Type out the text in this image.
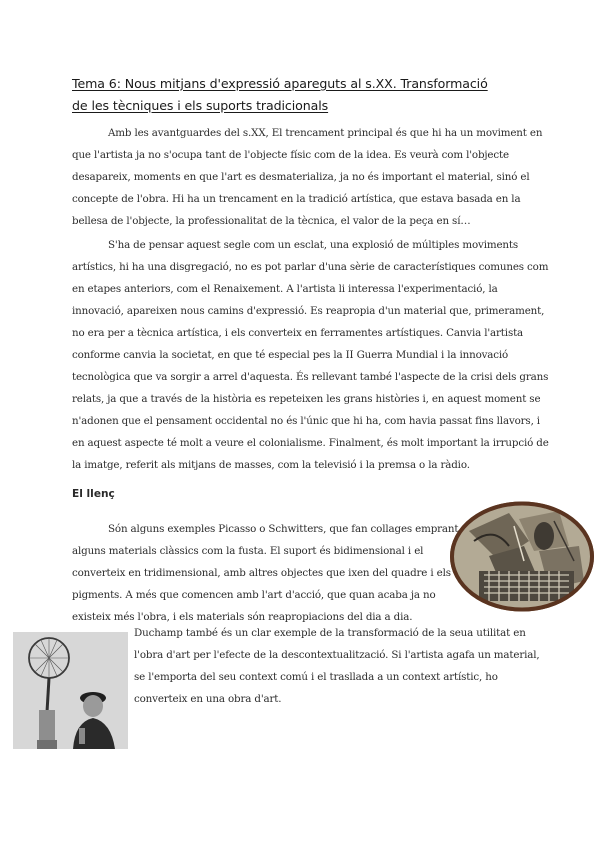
Tema 6: Nous mitjans d'expressió apareguts al s.XX. Transformació
de les tècniques i els suports tradicionals
Amb les avantguardes del s.XX, El trencament principal és que hi ha un moviment en
que l'artista ja no s'ocupa tant de l'objecte físic com de la idea. Es veurà com l'objecte
desapareix, moments en que l'art es desmaterializa, ja no és important el material, sinó el
concepte de l'obra. Hi ha un trencament en la tradició artística, que estava basada en la
bellesa de l'objecte, la professionalitat de la tècnica, el valor de la peça en sí…
S'ha de pensar aquest segle com un esclat, una explosió de múltiples moviments
artístics, hi ha una disgregació, no es pot parlar d'una sèrie de característiques comunes com
en etapes anteriors, com el Renaixement. A l'artista li interessa l'experimentació, la
innovació, apareixen nous camins d'expressió. Es reapropia d'un material que, primerament,
no era per a tècnica artística, i els converteix en ferramentes artístiques. Canvia l'artista
conforme canvia la societat, en que té especial pes la II Guerra Mundial i la innovació
tecnològica que va sorgir a arrel d'aquesta. És rellevant també l'aspecte de la crisi dels grans
relats, ja que a través de la història es repeteixen les grans històries i, en aquest moment se
n'adonen que el pensament occidental no és l'únic que hi ha, com havia passat fins llavors, i
en aquest aspecte té molt a veure el colonialisme. Finalment, és molt important la irrupció de
la imatge, referit als mitjans de masses, com la televisió i la premsa o la ràdio.
El llenç
Són alguns exemples Picasso o Schwitters, que fan collages emprant
alguns materials clàssics com la fusta. El suport és bidimensional i el
converteix en tridimensional, amb altres objectes que ixen del quadre i els
pigments. A més que comencen amb l'art d'acció, que quan acaba ja no
existeix més l'obra, i els materials són reapropiacions del dia a dia.
Duchamp també és un clar exemple de la transformació de la seua utilitat en
l'obra d'art per l'efecte de la descontextualització. Si l'artista agafa un material,
se l'emporta del seu context comú i el trasllada a un context artístic, ho
converteix en una obra d'art.
